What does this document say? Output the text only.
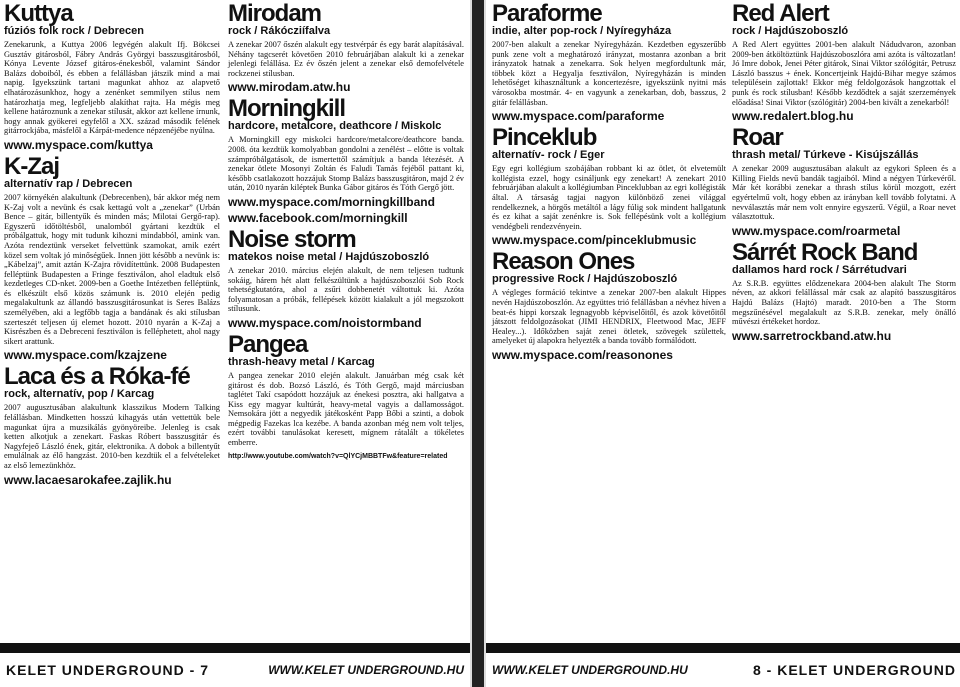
Kuttya
fúziós folk rock / Debrecen

Zenekarunk, a Kuttya 2006 legvégén alakult Ifj. Bökcsei Gusztáv gitárosból, Fábry András Györgyi basszusgitárosból, Kónya Levente József gitáros-énekesből, valamint Sándor Balázs doboiból, és ebben a felállásban játszik mind a mai napig. Igyekszünk tartani magunkat ahhoz az alapvető elhatározásunkhoz, hogy a zenénket semmilyen stílus nem határozhatja meg, legfeljebb alakíthat rajta. Ha mégis meg kellene határoznunk a zenekar stílusát, akkor azt kellene írnunk, hogy annak gyökerei egyfelől a XX. század második felének gitárrockjába, másfelől a Kárpát-medence népzenéjébe nyúlna.

www.myspace.com/kuttya
K-Zaj
alternatív rap / Debrecen

2007 környékén alakultunk (Debrecenben), bár akkor még nem K-Zaj volt a nevünk és csak kettagú volt a „zenekar” (Urbán Bence – gitár, billentyűk és minden más; Milotai Gergő-rap). Egyszerű időtöltésből, unalomból gyártani kezdtük el próbálgattuk, hogy mit tudunk kihozni mindabból, amink van. Azóta rendeztünk verseket felvettünk szamokat, amik ezért közel sem voltak jó minőségűek. Innen jött később a nevünk is: „Kábelzaj”, amit aztán K-Zajra rövidítettünk. 2008 Budapesten felléptünk Budapesten a Fringe fesztiválon, ahol eladtuk első kezdetleges CD-nket. 2009-ben a Goethe Intézetben felléptünk, és elkészült első közös számunk is. 2010 elején pedig megalakultunk az állandó basszusgitárosunkat is Seres Balázs személyében, aki a legfőbb tagja a bandának és aki stílusban szerteszét teljesen új elemet hozott. 2010 nyarán a K-Zaj a Kisrészben és a Debreceni fesztiválon is felléphetett, ahol nagy sikert arattunk.

www.myspace.com/kzajzene
Laca és a Róka-fé
rock, alternatív, pop / Karcag

2007 augusztusában alakultunk klasszikus Modern Talking felállásban. Mindketten hosszú kihagyás után vettettük bele magunkat újra a muzsikálás gyönyöreibe. Jelenleg is csak ketten alkotjuk a zenekart. Faskas Róbert basszusgitár és Nagyfejeő László ének, gitár, elektronika. A dobok a billentyűt emulálnak az élő hangzást. 2010-ben kezdtük el a felvételeket az első lemezünkhöz.

www.lacaesarokafee.zajlik.hu
Mirodam
rock / Rákócziífalva

A zenekar 2007 őszén alakult egy testvérpár és egy barát alapításával. Néhány tagcserét követően 2010 februárjában alakult ki a zenekar jelenlegi felállása. Ez év őszén jelent a zenekar első demofelvétele rockzenei stílusban.

www.mirodam.atw.hu
Morningkill
hardcore, metalcore, deathcore / Miskolc

A Morningkill egy miskolci hardcore/metalcore/deathcore banda. 2008. óta kezdtük komolyabban gondolni a zenélést – előtte is voltak számpróbálgatások, de ismertettől számítjuk a banda létezését. A zenekar ötlete Mosonyi Zoltán és Faludi Tamás fejéből pattant ki, később csatlakozott hozzájuk Stomp Balázs basszusgitáron, majd 2 év után, 2010 nyarán kiléptek Bunka Gábor gitáros és Tóth Gergő jött.

www.myspace.com/morningkillband
www.facebook.com/morningkill
Noise storm
matekos noise metal / Hajdúszoboszló

A zenekar 2010. március elején alakult, de nem teljesen tudtunk sokáig, hárem hét alatt felkészültünk a hajdúszoboszlói Sob Rock tehetségkutatóra, ahol a zsűri dobbenetét váltottuk ki. Azóta folyamatosan a próbák, fellépések között kialakult a jól megszokott stílusunk.

www.myspace.com/noistormband
Pangea
thrash-heavy metal / Karcag

A pangea zenekar 2010 elején alakult. Januárban még csak két gitárost és dob. Bozsó László, és Tóth Gergő, majd márciusban taglétet Takí csapódott hozzájuk az énekesi posztra, aki hallgatva a Kiss egy magyar kultúrát, heavy-metal vagyis a dallamosságot. Nemsokára jött a negyedik játékosként Papp Bőbi a szinti, a dobok mégpedig Fazekas lca kezébe. A banda azonban még nem volt teljes, ezért további tanulásokat keresett, mígnem rátalált a tökéletes emberre.

http://www.youtube.com/watch?v=QlYCjMBBTFw&feature=related
KELET UNDERGROUND - 7	WWW.KELET UNDERGROUND.HU
Paraforme
indie, alter pop-rock / Nyíregyháza

2007-ben alakult a zenekar Nyíregyházán. Kezdetben egyszerűbb punk zene volt a meghatározó irányzat, mostanra azonban a brit irányzatok hatnak a zenekarra. Sok helyen megfordultunk már, többek közt a Hegyalja fesztiválon, Nyíregyházán is minden lehetőséget kihasználtunk a koncertezésre, igyekszünk nyitni más városokba mostmár. 4- en vagyunk a zenekarban, dob, basszus, 2 gitár felállásban.

www.myspace.com/paraforme
Pinceklub
alternatív- rock / Eger

Egy egri kollégium szobájában robbant ki az ötlet, öt elvetemült kollégista ezzel, hogy csináljunk egy zenekart! A zenekart 2010 februárjában alakult a kollégiumban Pinceklubban az egri kollégisták által. A társaság tagjai nagyon különböző zenei világgal rendelkeznek, a hörgős metáltól a lágy fúlig sok mindent hallgatunk és ez kihat a saját zenénkre is. Sok fellépésünk volt a kollégium vendégbeli rendezvényein.

www.myspace.com/pinceklubmusic
Reason Ones
progressive Rock / Hajdúszoboszló

A végleges formáció tekintve a zenekar 2007-ben alakult Hippes nevén Hajdúszoboszlón. Az együttes trió felállásban a névhez híven a beat-és hippi korszak legnagyobb képviselőitől, és azok követőitől játszott feldolgozásokat (JIMI HENDRIX, Fleetwood Mac, JEFF Healey...). Időközben saját zenei ötletek, szövegek születtek, amelyeket új alapokra helyezték a banda tovább formálódott.

www.myspace.com/reasonones
Red Alert
rock / Hajdúszoboszló

A Red Alert együttes 2001-ben alakult Nádudvaron, azonban 2009-ben átköltöztünk Hajdúszoboszlóra ami azóta is változatlan! Jó Imre dobok, Jenei Péter gitárok, Sinai Viktor szólógitár, Petrusz László basszus + ének. Koncertjeink Hajdú-Bihar megye számos településein zajlottak! Ekkor még feldolgozások hangzottak el punk és rock stílusban! Később kezdődtek a saját szerzemények előadása! Sinai Viktor (szólógitár) 2004-ben kivált a zenekarból!

www.redalert.blog.hu
Roar
thrash metal/ Túrkeve - Kisújszállás

A zenekar 2009 augusztusában alakult az egykori Spleen és a Killing Fields nevű bandák tagjaiból. Mind a négyen Túrkevéről. Már két korábbi zenekar a thrash stílus körül mozgott, ezért egyértelmű volt, hogy ebben az irányban kell tovább folytatni. A nevválasztás már nem volt ennyire egyszerű. Végül, a Roar nevet választottuk.

www.myspace.com/roarmetal
Sárrét Rock Band
dallamos hard rock / Sárrétudvari

Az S.R.B. együttes elődzenekara 2004-ben alakult The Storm néven, az akkori felállással már csak az alapító basszusgitáros Hajdú Balázs (Hajtó) maradt. 2010-ben a The Storm megszűnésével megalakult az S.R.B. zenekar, mely önálló művészi értékeket hordoz.

www.sarretrockband.atw.hu
WWW.KELET UNDERGROUND.HU	8 - KELET UNDERGROUND
